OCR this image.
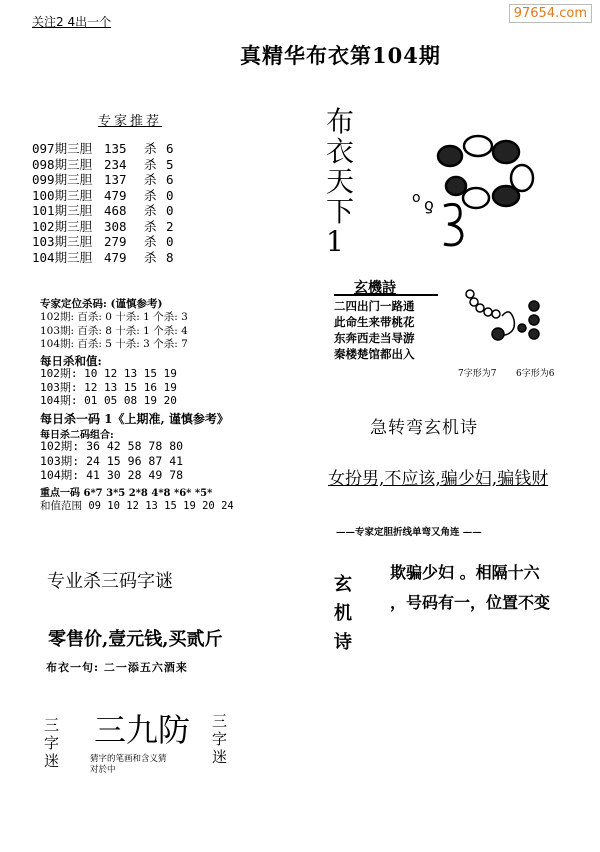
97654.com
关注2 4出一个
真精华布衣第104期
专家推荐
097期三胆 135 杀 6
098期三胆 234 杀 5
099期三胆 137 杀 6
100期三胆 479 杀 0
101期三胆 468 杀 0
102期三胆 308 杀 2
103期三胆 279 杀 0
104期三胆 479 杀 8
专家定位杀码: (谨慎参考)
102期: 百杀: 0 十杀: 1 个杀: 3
103期: 百杀: 8 十杀: 1 个杀: 4
104期: 百杀: 5 十杀: 3 个杀: 7
每日杀和值:
102期: 10 12 13 15 19
103期: 12 13 15 16 19
104期: 01 05 08 19 20
每日杀一码 1《上期准, 谨慎参考》
每日杀二码组合:
102期: 36 42 58 78 80
103期: 24 15 96 87 41
104期: 41 30 28 49 78
重点一码 6*7 3*5 2*8 4*8 *6* *5*
和值范围 09 10 12 13 15 19 20 24
专业杀三码字谜
零售价,壹元钱,买贰斤
布衣一句: 二一添五六酒来
三字迷
三九防 三字迷
猜字的笔画和含义猜
对於中
布衣天下1
o ƍ
玄機詩
二四出门一路通
此命生来带桃花
东奔西走当导游
秦楼楚馆都出入
7字形为7 6字形为6
急转弯玄机诗
女扮男,不应该,骗少妇,骗钱财
——专家定胆折线单弯又角连 ——
玄机诗
欺骗少妇 。相隔十六
，号码有一，位置不变
